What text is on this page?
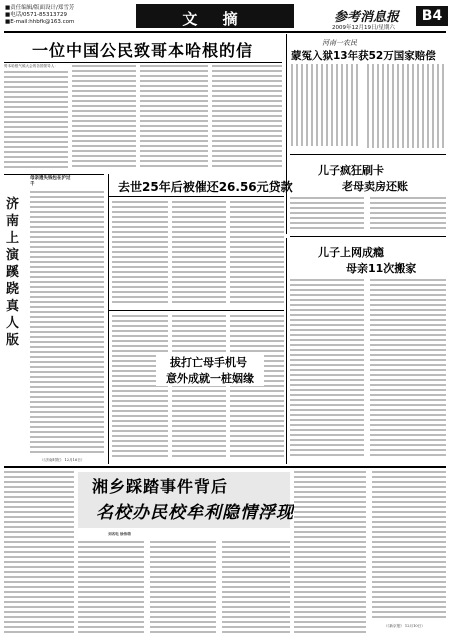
■责任编辑/版面设计/郑雪芳
■电话/0571-85313729
■E-mail:hhbfk@163.com	文 摘	参考消息报	B4
2009年12月19日/星期六
一位中国公民致哥本哈根的信
哥本哈根气候大会的各国领导人：
河南一农民
蒙冤入狱13年获52万国家赔偿
儿子疯狂刷卡
老母卖房还账
济南上演蹊跷真人版
母亲遗失钱包在沪过千
（《济南时报》 12月16日）
去世25年后被催还26.56元贷款
拔打亡母手机号
意外成就一桩姻缘
儿子上网成瘾
母亲11次搬家
湘乡踩踏事件背后
名校办民校牟利隐情浮现
刘名电 徐伟萌
（《新京报》 12月10日）
